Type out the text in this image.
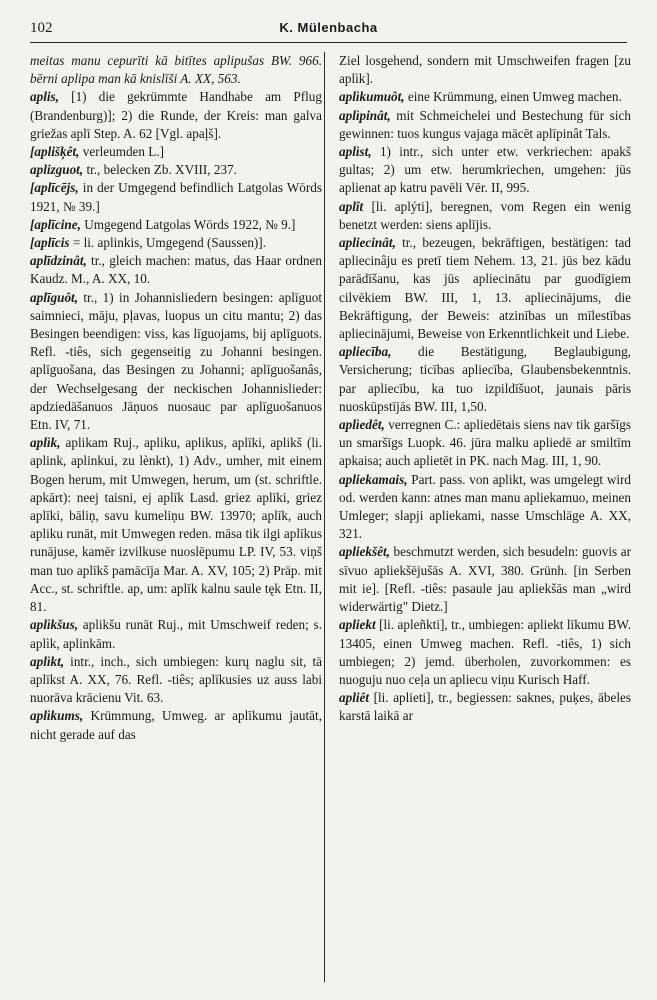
102	K. Mülenbacha

meitas manu cepurīti kā bitītes aplipušas BW. 966. bērni aplipa man kā knislīši A. XX, 563.

aplis, [1) die gekrümmte Handhabe am Pflug (Brandenburg)]; 2) die Runde, der Kreis: man galva griežas aplī Step. A. 62 [Vgl. apaļš].

[aplišķêt, verleumden L.]

aplizguot, tr., belecken Zb. XVIII, 237.

[aplīcējs, in der Umgegend befindlich Latgolas Wōrds 1921, № 39.]

[aplīcine, Umgegend Latgolas Wōrds 1922, № 9.]

[aplīcis = li. aplinkis, Umgegend (Saussen)].

aplīdzinât, tr., gleich machen: matus, das Haar ordnen Kaudz. M., A. XX, 10.

aplīguôt, tr., 1) in Johannisliedern besingen: aplīguot saimnieci, māju, pļavas, luopus un citu mantu; 2) das Besingen beendigen: viss, kas līguojams, bij aplīguots. Refl. -tiês, sich gegenseitig zu Johanni besingen. aplīguošana, das Besingen zu Johanni; aplīguošanâs, der Wechselgesang der neckischen Johannislieder: apdziedāšanuos Jāņuos nuosauc par aplīguošanuos Etn. IV, 71.

aplìk, aplikam Ruj., apliku, aplikus, aplīki, aplikš (li. aplink, aplinkui, zu lènkt), 1) Adv., umher, mit einem Bogen herum, mit Umwegen, herum, um (st. schriftle. apkārt): neej taisni, ej aplīk Lasd. griez aplīki, griez aplīki, bāliņ, savu kumeliņu BW. 13970; aplīk, auch apliku runāt, mit Umwegen reden. māsa tik ilgi aplīkus runājuse, kamēr izvilkuse nuoslēpumu LP. IV, 53. viņš man tuo aplīkš pamācīja Mar. A. XV, 105; 2) Präp. mit Acc., st. schriftle. ap, um: aplīk kalnu saule tęk Etn. II, 81.

aplìkšus, aplikšu runāt Ruj., mit Umschweif reden; s. aplìk, aplinkām.

aplìkt, intr., inch., sich umbiegen: kurų naglu sit, tā aplīkst A. XX, 76. Refl. -tiês; aplīkusies uz auss labi nuorāva krācienu Vit. 63.

aplìkums, Krümmung, Umweg. ar aplīkumu jautāt, nicht gerade auf das

Ziel losgehend, sondern mit Umschweifen fragen [zu aplìk].

aplìkumuôt, eine Krümmung, einen Umweg machen.

aplìpinât, mit Schmeichelei und Bestechung für sich gewinnen: tuos kungus vajaga mācēt aplīpinât Tals.

aplìst, 1) intr., sich unter etw. verkriechen: apakš gultas; 2) um etw. herumkriechen, umgehen: jūs aplienat ap katru pavēli Vēr. II, 995.

aplît [li. aplýti], beregnen, vom Regen ein wenig benetzt werden: siens aplījis.

apliecinât, tr., bezeugen, bekräftigen, bestätigen: tad apliecinâju es pretī tiem Nehem. 13, 21. jūs bez kādu parādīšanu, kas jūs apliecinātu par guodīgiem cilvēkiem BW. III, 1, 13. apliecinājums, die Bekräftigung, der Beweis: atzinības un mīlestības apliecinājumi, Beweise von Erkenntlichkeit und Liebe.

apliecība, die Bestätigung, Beglaubigung, Versicherung; ticības apliecība, Glaubensbekenntnis. par apliecību, ka tuo izpildīšuot, jaunais pāris nuoskūpstījās BW. III, 1,50.

aplìedêt, verregnen C.: apliedētais siens nav tik garšīgs un smaršīgs Luopk. 46. jūra malku apliedē ar smiltīm apkaisa; auch aplietēt in PK. nach Mag. III, 1, 90.

apliekamais, Part. pass. von aplikt, was umgelegt wird od. werden kann: atnes man manu apliekamuo, meinen Umleger; slapji apliekami, nasse Umschläge A. XX, 321.

apliekšêt, beschmutzt werden, sich besudeln: guovis ar sīvuo apliekšējušās A. XVI, 380. Grünh. [in Serben mit ie]. [Refl. -tiês: pasaule jau apliekšās man „wird widerwärtig" Dietz.]

apliekt [li. apleñkti], tr., umbiegen: apliekt līkumu BW. 13405, einen Umweg machen. Refl. -tiês, 1) sich umbiegen; 2) jemd. überholen, zuvorkommen: es nuoguju nuo ceļa un apliecu viņu Kurisch Haff.

apliêt [li. aplieti], tr., begiessen: saknes, puķes, ābeles karstā laikā ar
